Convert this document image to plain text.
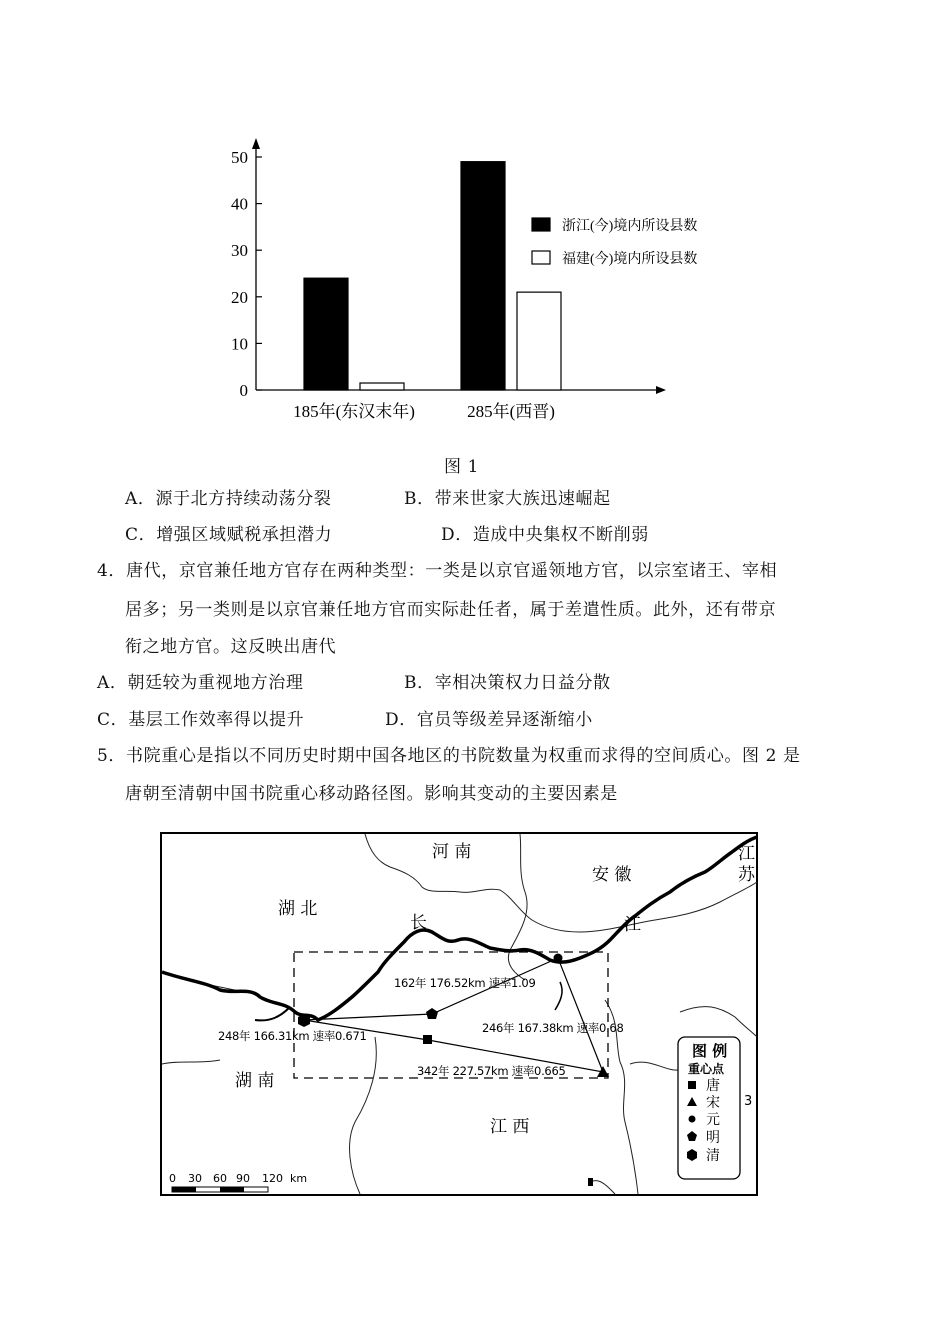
0
10
20
30
40
50
浙江(今)境内所设县数
福建(今)境内所设县数
185年(东汉末年)	285年(西晋)
图 1
A．源于北方持续动荡分裂	B．带来世家大族迅速崛起
C．增强区域赋税承担潜力	D．造成中央集权不断削弱
4．唐代，京官兼任地方官存在两种类型：一类是以京官遥领地方官，以宗室诸王、宰相
居多；另一类则是以京官兼任地方官而实际赴任者，属于差遣性质。此外，还有带京
衔之地方官。这反映出唐代
A．朝廷较为重视地方治理	B．宰相决策权力日益分散
C．基层工作效率得以提升	D．官员等级差异逐渐缩小
5．书院重心是指以不同历史时期中国各地区的书院数量为权重而求得的空间质心。图 2 是
唐朝至清朝中国书院重心移动路径图。影响其变动的主要因素是
河 南
安 徽
江
苏
湖 北
湖 南
江 西
长	江
162年 176.52km 速率1.09
248年 166.31km 速率0.671
246年 167.38km 速率0.68
342年 227.57km 速率0.665
图 例
重心点
唐
宋
元
明
清
3
0 30 60 90 120 km
